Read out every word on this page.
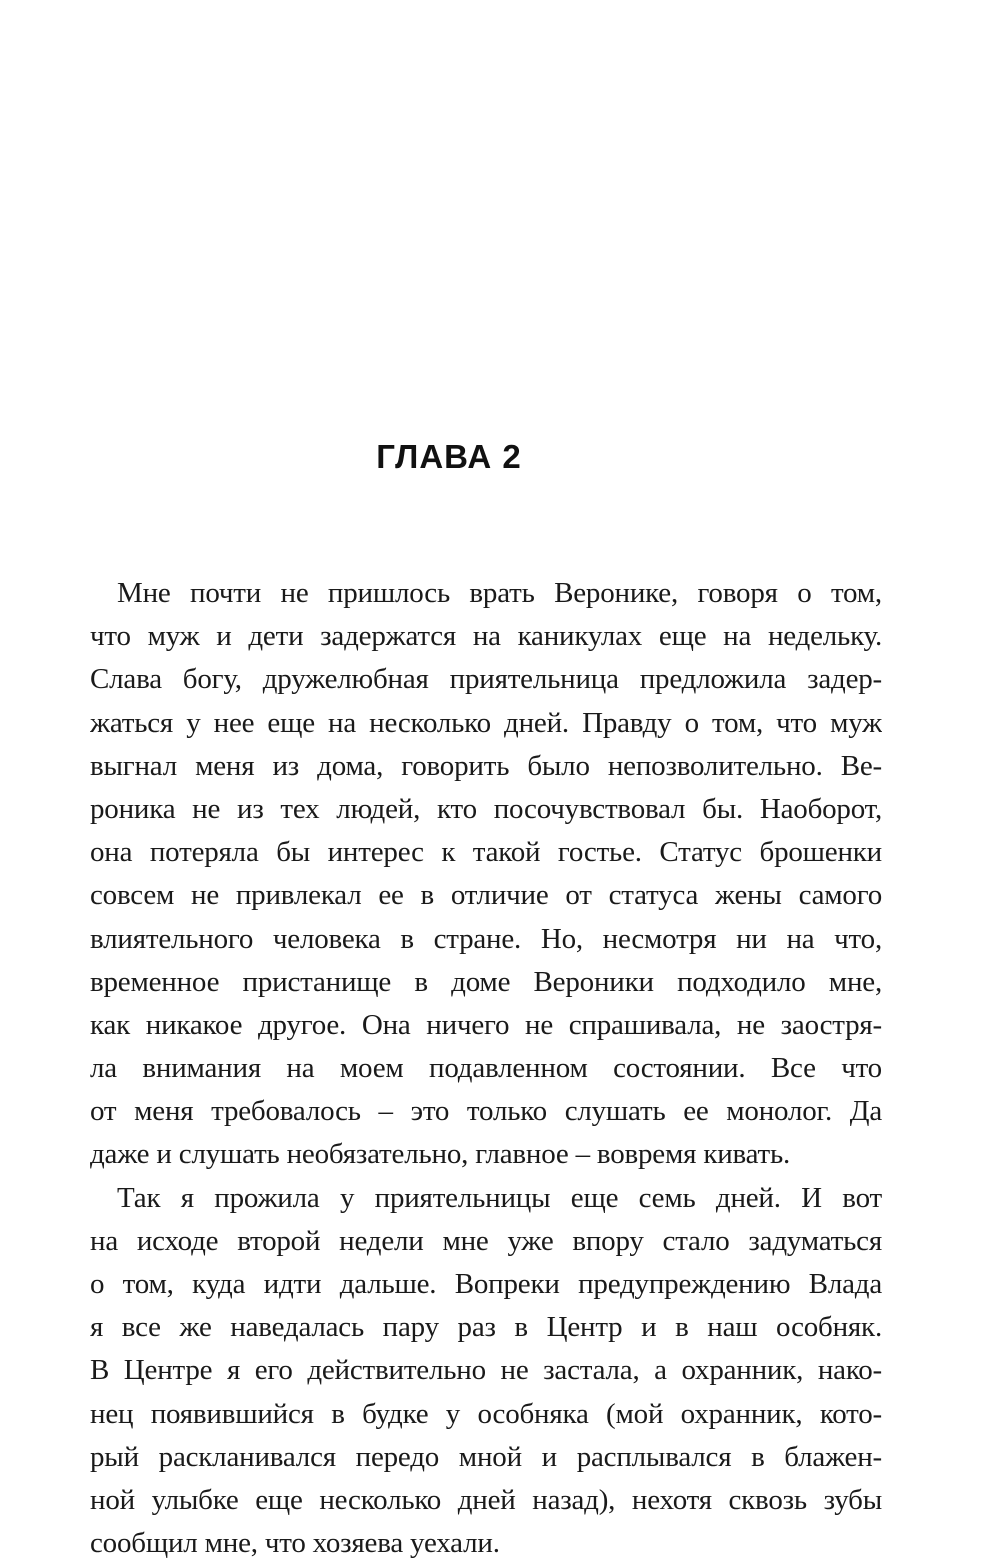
ГЛАВА 2
Мне почти не пришлось врать Веронике, говоря о том,
что муж и дети задержатся на каникулах еще на недельку.
Слава богу, дружелюбная приятельница предложила задер-
жаться у нее еще на несколько дней. Правду о том, что муж
выгнал меня из дома, говорить было непозволительно. Ве-
роника не из тех людей, кто посочувствовал бы. Наоборот,
она потеряла бы интерес к такой гостье. Статус брошенки
совсем не привлекал ее в отличие от статуса жены самого
влиятельного человека в стране. Но, несмотря ни на что,
временное пристанище в доме Вероники подходило мне,
как никакое другое. Она ничего не спрашивала, не заостря-
ла внимания на моем подавленном состоянии. Все что
от меня требовалось – это только слушать ее монолог. Да
даже и слушать необязательно, главное – вовремя кивать.
Так я прожила у приятельницы еще семь дней. И вот
на исходе второй недели мне уже впору стало задуматься
о том, куда идти дальше. Вопреки предупреждению Влада
я все же наведалась пару раз в Центр и в наш особняк.
В Центре я его действительно не застала, а охранник, нако-
нец появившийся в будке у особняка (мой охранник, кото-
рый раскланивался передо мной и расплывался в блажен-
ной улыбке еще несколько дней назад), нехотя сквозь зубы
сообщил мне, что хозяева уехали.
